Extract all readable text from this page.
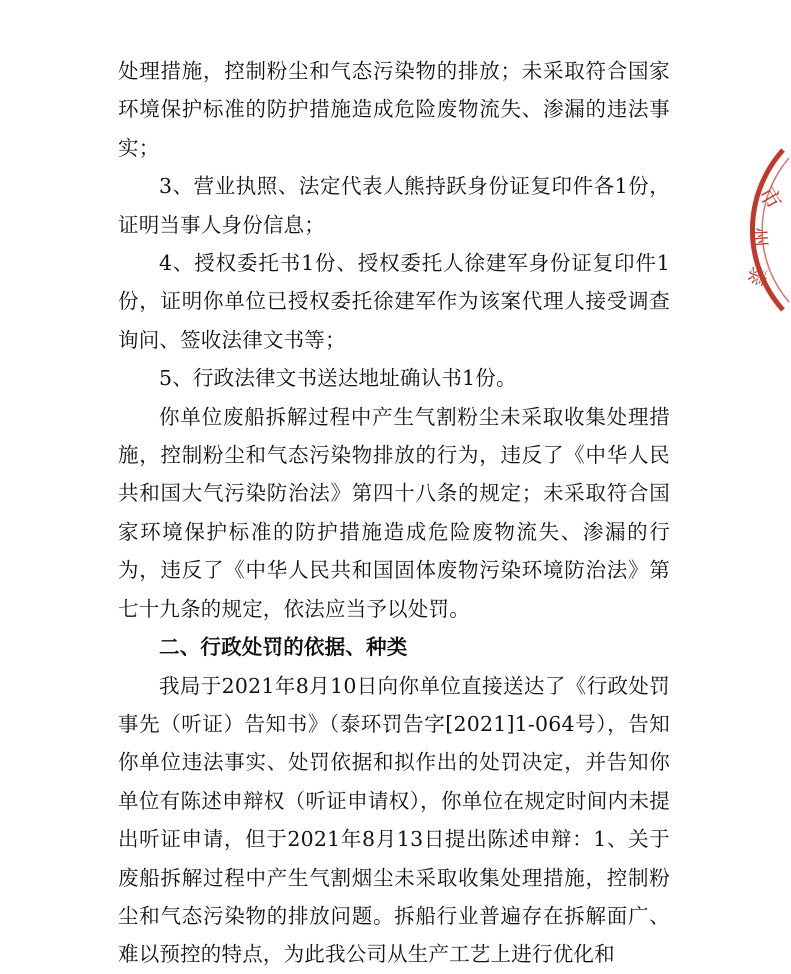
处理措施，控制粉尘和气态污染物的排放；未采取符合国家环境保护标准的防护措施造成危险废物流失、渗漏的违法事实；

3、营业执照、法定代表人熊持跃身份证复印件各1份，证明当事人身份信息；

4、授权委托书1份、授权委托人徐建军身份证复印件1份，证明你单位已授权委托徐建军作为该案代理人接受调查询问、签收法律文书等；

5、行政法律文书送达地址确认书1份。

你单位废船拆解过程中产生气割粉尘未采取收集处理措施，控制粉尘和气态污染物排放的行为，违反了《中华人民共和国大气污染防治法》第四十八条的规定；未采取符合国家环境保护标准的防护措施造成危险废物流失、渗漏的行为，违反了《中华人民共和国固体废物污染环境防治法》第七十九条的规定，依法应当予以处罚。

二、行政处罚的依据、种类

我局于2021年8月10日向你单位直接送达了《行政处罚事先（听证）告知书》（泰环罚告字[2021]1-064号），告知你单位违法事实、处罚依据和拟作出的处罚决定，并告知你单位有陈述申辩权（听证申请权），你单位在规定时间内未提出听证申请，但于2021年8月13日提出陈述申辩：1、关于废船拆解过程中产生气割烟尘未采取收集处理措施，控制粉尘和气态污染物的排放问题。拆船行业普遍存在拆解面广、难以预控的特点，为此我公司从生产工艺上进行优化和

市
州
泰
